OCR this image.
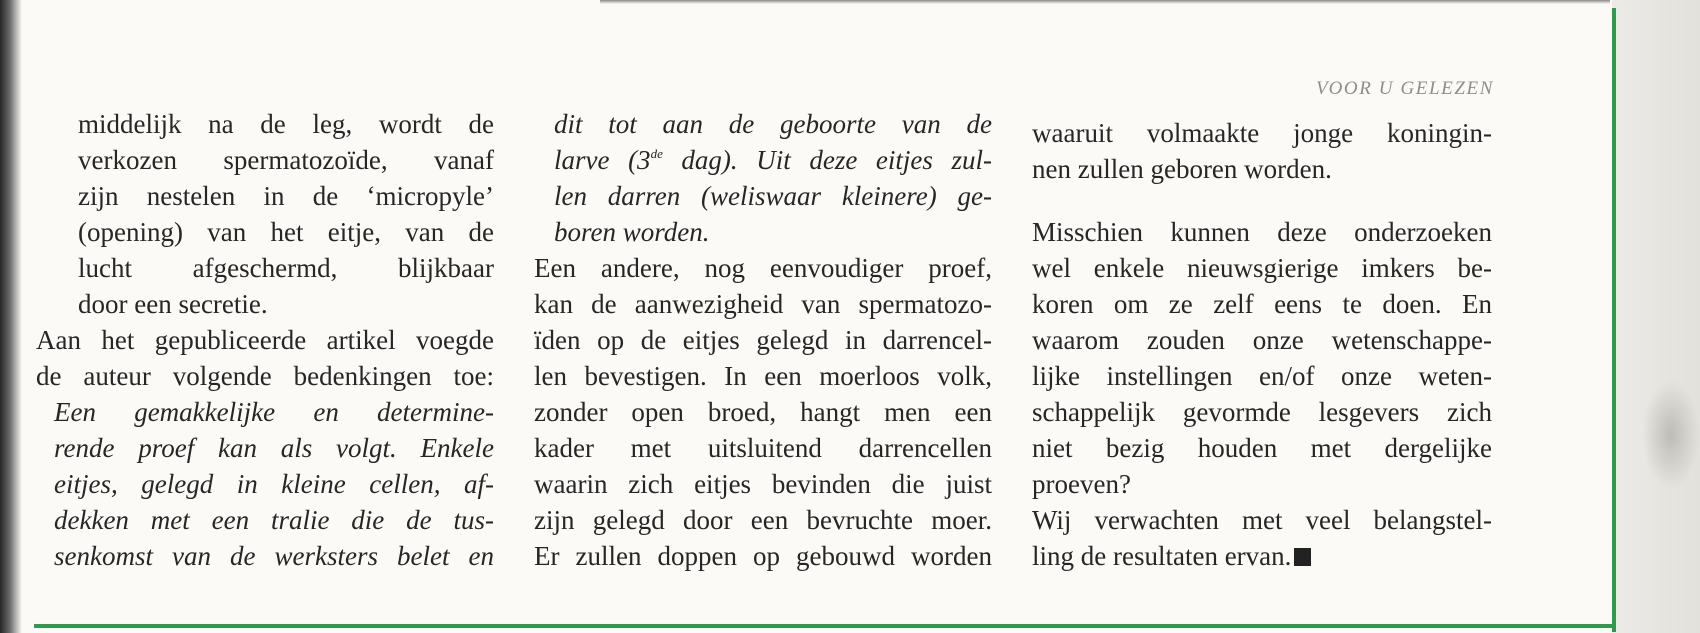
VOOR U GELEZEN
middelijk na de leg, wordt de
verkozen spermatozoïde, vanaf
zijn nestelen in de ‘micropyle’
(opening) van het eitje, van de
lucht afgeschermd, blijkbaar
door een secretie.
Aan het gepubliceerde artikel voegde
de auteur volgende bedenkingen toe:
Een gemakkelijke en determine-
rende proef kan als volgt. Enkele
eitjes, gelegd in kleine cellen, af-
dekken met een tralie die de tus-
senkomst van de werksters belet en
dit tot aan de geboorte van de
larve (3de dag). Uit deze eitjes zul-
len darren (weliswaar kleinere) ge-
boren worden.
Een andere, nog eenvoudiger proef,
kan de aanwezigheid van spermatozo-
ïden op de eitjes gelegd in darrencel-
len bevestigen. In een moerloos volk,
zonder open broed, hangt men een
kader met uitsluitend darrencellen
waarin zich eitjes bevinden die juist
zijn gelegd door een bevruchte moer.
Er zullen doppen op gebouwd worden
waaruit volmaakte jonge koningin-
nen zullen geboren worden.
Misschien kunnen deze onderzoeken
wel enkele nieuwsgierige imkers be-
koren om ze zelf eens te doen. En
waarom zouden onze wetenschappe-
lijke instellingen en/of onze weten-
schappelijk gevormde lesgevers zich
niet bezig houden met dergelijke
proeven?
Wij verwachten met veel belangstel-
ling de resultaten ervan.
